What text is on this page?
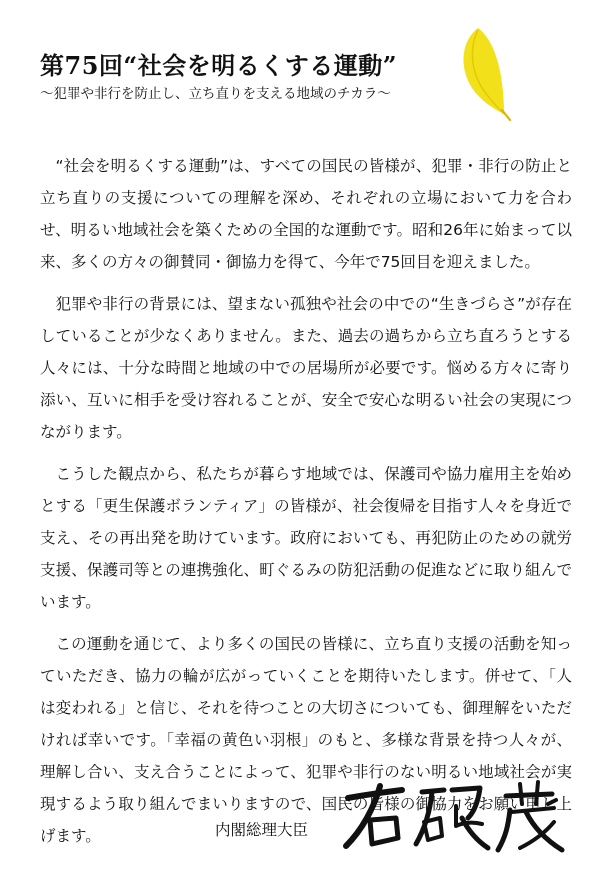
第75回“社会を明るくする運動”
～犯罪や非行を防止し、立ち直りを支える地域のチカラ～

“社会を明るくする運動”は、すべての国民の皆様が、犯罪・非行の防止と立ち直りの支援についての理解を深め、それぞれの立場において力を合わせ、明るい地域社会を築くための全国的な運動です。昭和26年に始まって以来、多くの方々の御賛同・御協力を得て、今年で75回目を迎えました。

犯罪や非行の背景には、望まない孤独や社会の中での“生きづらさ”が存在していることが少なくありません。また、過去の過ちから立ち直ろうとする人々には、十分な時間と地域の中での居場所が必要です。悩める方々に寄り添い、互いに相手を受け容れることが、安全で安心な明るい社会の実現につながります。

こうした観点から、私たちが暮らす地域では、保護司や協力雇用主を始めとする「更生保護ボランティア」の皆様が、社会復帰を目指す人々を身近で支え、その再出発を助けています。政府においても、再犯防止のための就労支援、保護司等との連携強化、町ぐるみの防犯活動の促進などに取り組んでいます。

この運動を通じて、より多くの国民の皆様に、立ち直り支援の活動を知っていただき、協力の輪が広がっていくことを期待いたします。併せて、「人は変われる」と信じ、それを待つことの大切さについても、御理解をいただければ幸いです。「幸福の黄色い羽根」のもと、多様な背景を持つ人々が、理解し合い、支え合うことによって、犯罪や非行のない明るい地域社会が実現するよう取り組んでまいりますので、国民の皆様の御協力をお願い申し上げます。	内閣総理大臣
